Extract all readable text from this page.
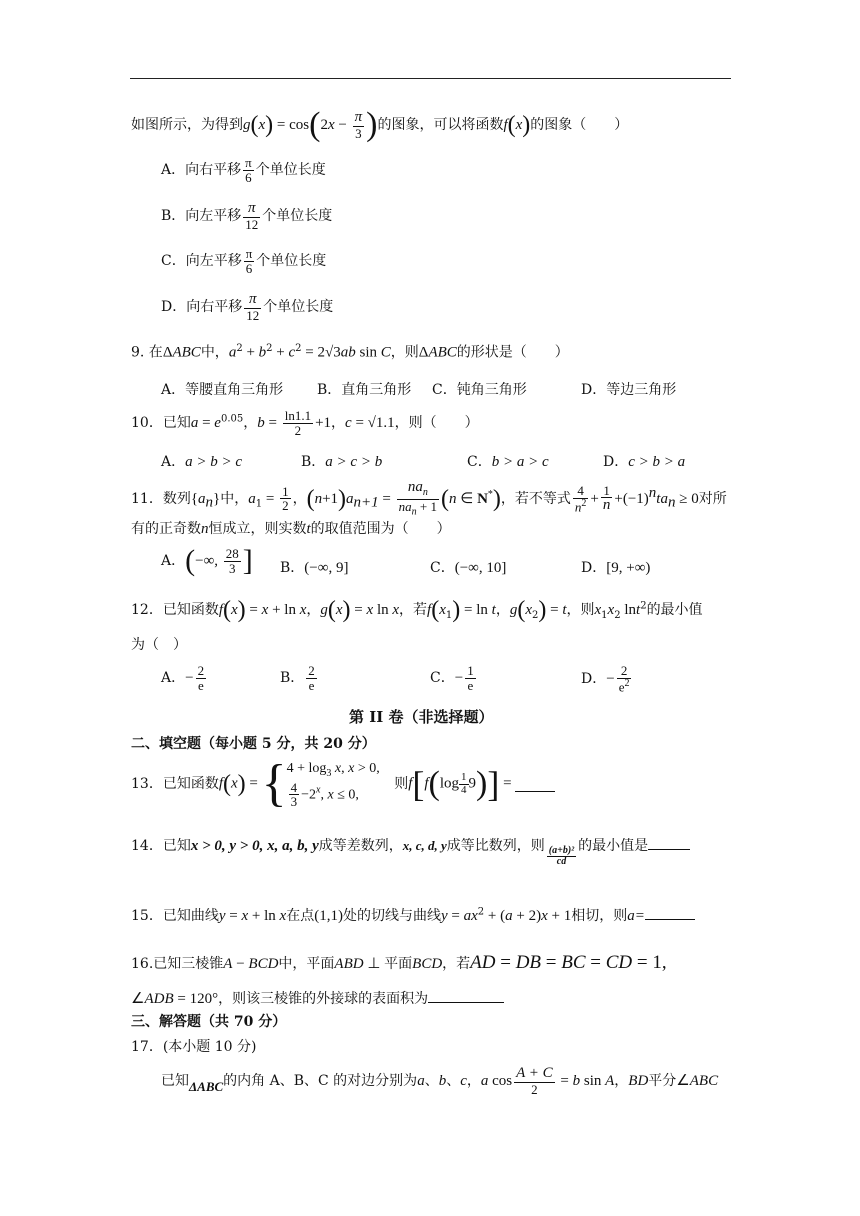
如图所示，为得到$g(x) = \cos(2x - \frac{\pi}{3}$ )的图象，可以将函数f(x)的图象（　　）
A．向右平移 $\frac{\pi}{6}$ 个单位长度
B．向左平移 $\frac{\pi}{12}$ 个单位长度
C．向左平移 $\frac{\pi}{6}$ 个单位长度
D．向右平移 $\frac{\pi}{12}$ 个单位长度
9. 在ΔABC中，$a^2 + b^2 + c^2 = 2√3ab$ sin C，则ΔABC的形状是（　　）
A．等腰直角三角形 B．直角三角形 C．钝角三角形	D．等边三角形
10．已知$a = e^{0.05}$，$b = \frac{\ln 1.1}{2} +1$，c = √1.1，则（　　）
A．a > b > c	B．a > c > b	C．b > a > c	D．c > b > a
11．数列$\{a_n\}$中，$a_1 = \frac{1}{2}$ ，$(n+1)a_{n+1} = \frac{na_n}{na_n + 1} (n$ ∈ N*)，若不等式 $\frac{4}{n^2} + \frac{1}{n} +(-1)^nta_n \ge 0$对所
有的正奇数n恒成立，则实数t的取值范围为（　　）
A．(−∞, $\frac{28}{3}$ ] B．(−∞, 9]	C．(−∞, 10]	D．[9, +∞)
12．已知函数f(x) = x + ln x，g(x) = x ln x，若$f(x_1) = \ln t$，$g(x_2) = t$，则$x_1x_2$ lnt$^2$的最小值
为（　）
A．− $\frac{2}{e}$	B． $\frac{2}{e}$	C．− $\frac{1}{e}$	D．− $\frac{2}{e^2}$
第 II 卷（非选择题）
二、填空题（每小题 5 分，共 20 分）
13．已知函数$f(x) = \{4 + \log_3 x$, x > 0,

$\frac{4}{3} -2^x$, x ≤ 0, 则$f[f(\log \frac{1}{4} 9)]$ =
14．已知x > 0, y > 0, x, a, b, y成等差数列，x, c, d, y成等比数列，则 $\frac{\text{(a+b)²}}{cd}$ 的最小值是
15．已知曲线y = x + ln x在点(1,1)处的切线与曲线$y = ax^2 + (a + 2)x + 1$相切，则a=
16.已知三棱锥A − BCD中，平面ABD ⊥ 平面BCD，若AD = DB = BC = CD = 1,
∠ADB = 120°，则该三棱锥的外接球的表面积为
三、解答题（共 70 分）
17．(本小题 10 分)
已知ΔABC的内角 A、B、C 的对边分别为a、b、c，a $\cos \frac{A + C}{2} = b$ sin A，BD平分∠ABC
